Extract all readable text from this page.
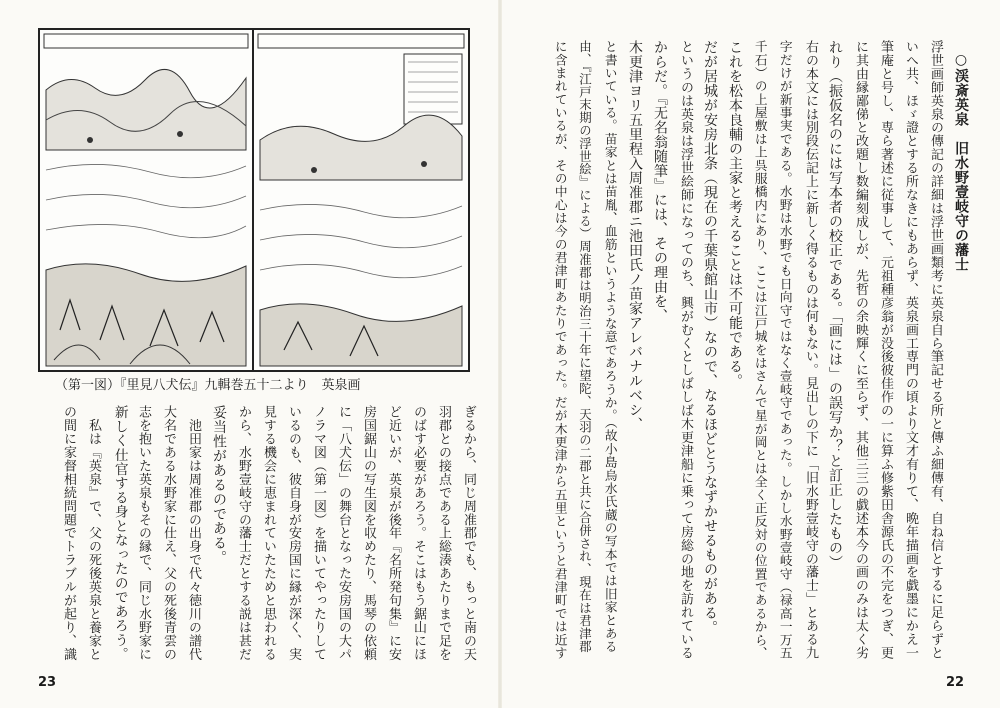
（第一図）『里見八犬伝』九輯巻五十二より　英泉画
ぎるから、同じ周准郡でも、もっと南の天
羽郡との接点である上総湊あたりまで足を
のばす必要があろう。そこはもう鋸山にほ
ど近いが、英泉が後年『名所発句集』に安
房国鋸山の写生図を収めたり、馬琴の依頼
に「八犬伝」の舞台となった安房国の大パ
ノラマ図（第一図）を描いてやったりして
いるのも、彼自身が安房国に縁が深く、実
見する機会に恵まれていたためと思われる
から、水野壹岐守の藩士だとする説は甚だ
妥当性があるのである。
　池田家は周准郡の出身で代々徳川の譜代
大名である水野家に仕え、父の死後青雲の
志を抱いた英泉もその縁で、同じ水野家に
新しく仕官する身となったのであろう。
　私は『英泉』で、父の死後英泉と養家と
の間に家督相続問題でトラブルが起り、識
23
○渓斎英泉　旧水野壹岐守の藩士
浮世画師英泉の傳記の詳細は浮世画類考に英泉自ら筆記せる所と傳ふ細傳有、自ね信とするに足らずと
いへ共、ほゞ證とする所なきにもあらず、英泉画工専門の頃より文才有りて、晩年描画を戯墨にかえ一
筆庵と号し、専ら著述に従事して、元祖種彦翁が没後彼佳作の一に算ふ修紫田舎源氏の不完をつぎ、更
に其由縁鄙俤と改題し数編刻成しが、先哲の余映輝くに至らず、其他三三の戯述本今の画のみは太く劣
れり（振仮名のには写本者の校正である。「画には」の誤写か？と訂正したもの）
右の本文には別段伝記上に新しく得るものは何もない。見出しの下に「旧水野壹岐守の藩士」とある九
字だけが新事実である。水野は水野でも日向守ではなく壹岐守であった。しかし水野壹岐守（禄高一万五
千石）の上屋敷は上呉服橋内にあり、ここは江戸城をはさんで星が岡とは全く正反対の位置であるから、
これを松本良輔の主家と考えることは不可能である。
だが居城が安房北条（現在の千葉県館山市）なので、なるほどとうなずかせるものがある。
というのは英泉は浮世絵師になってのち、興がむくとしばしば木更津船に乗って房総の地を訪れている
からだ。『无名翁随筆』には、その理由を、
木更津ヨリ五里程入周准郡ニ池田氏ノ苗家アレバナルベシ、
と書いている。苗家とは苗胤、血筋というような意であろうか。（故小島烏水氏蔵の写本では旧家とある
由、『江戸末期の浮世絵』による）周准郡は明治三十年に望陀、天羽の二郡と共に合併され、現在は君津郡
に含まれているが、その中心は今の君津町あたりであった。だが木更津から五里というと君津町では近す
22
